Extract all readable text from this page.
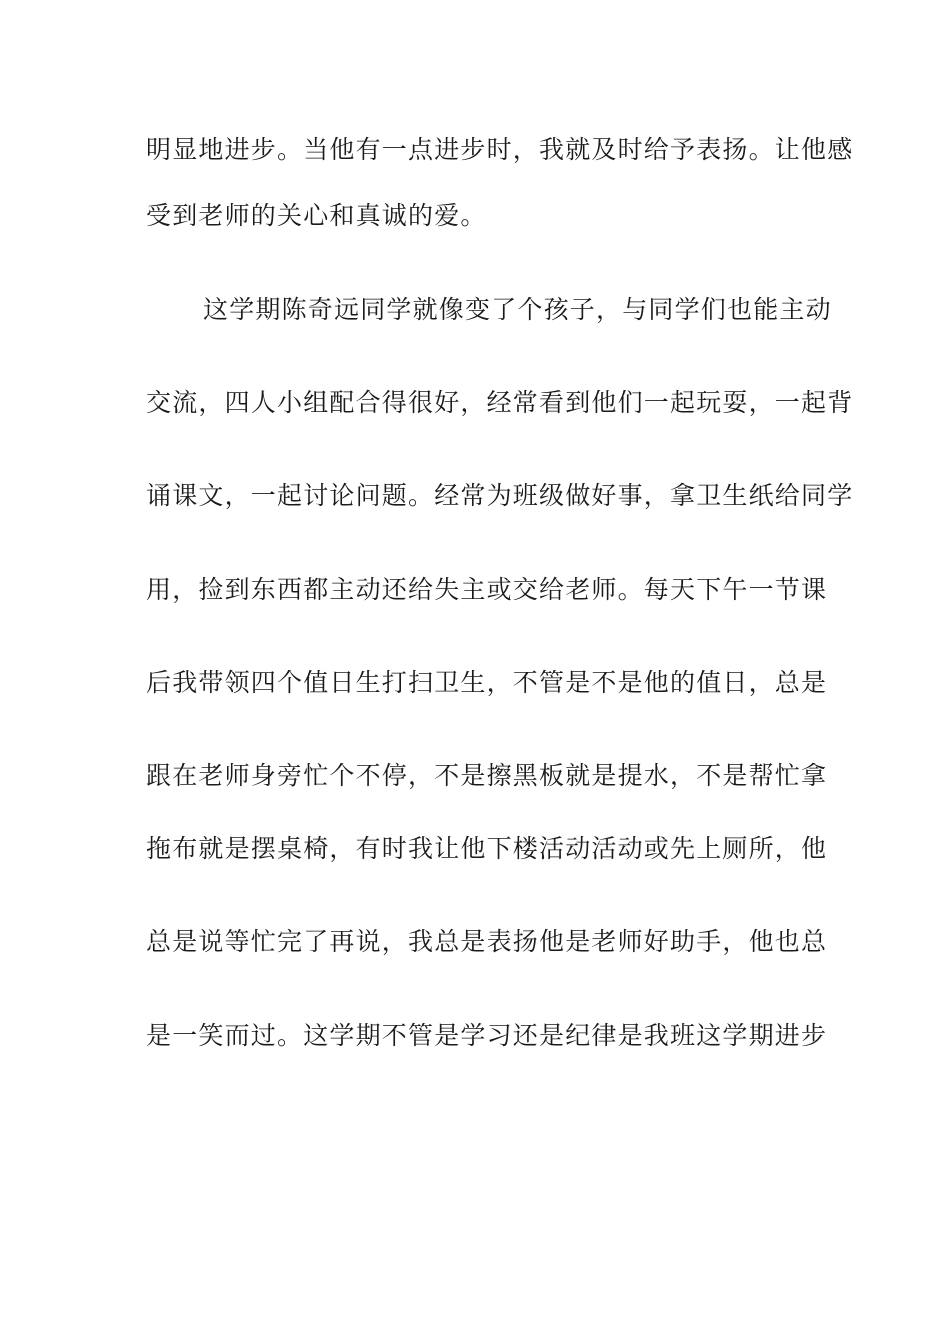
明显地进步。当他有一点进步时，我就及时给予表扬。让他感
受到老师的关心和真诚的爱。
这学期陈奇远同学就像变了个孩子，与同学们也能主动
交流，四人小组配合得很好，经常看到他们一起玩耍，一起背
诵课文，一起讨论问题。经常为班级做好事，拿卫生纸给同学
用，捡到东西都主动还给失主或交给老师。每天下午一节课
后我带领四个值日生打扫卫生，不管是不是他的值日，总是
跟在老师身旁忙个不停，不是擦黑板就是提水，不是帮忙拿
拖布就是摆桌椅，有时我让他下楼活动活动或先上厕所，他
总是说等忙完了再说，我总是表扬他是老师好助手，他也总
是一笑而过。这学期不管是学习还是纪律是我班这学期进步
